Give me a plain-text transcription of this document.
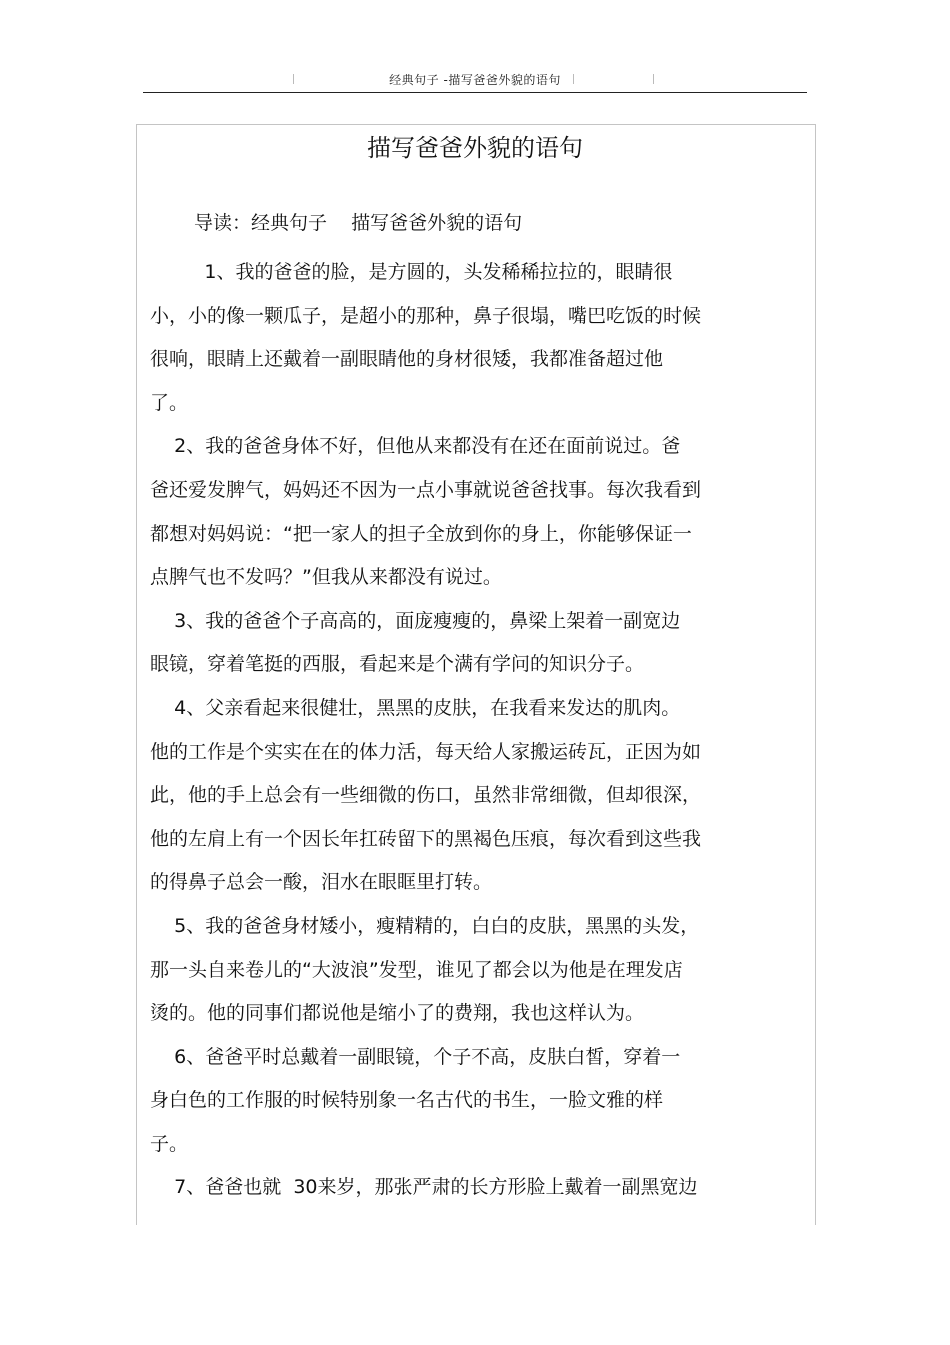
经典句子 -描写爸爸外貌的语句
描写爸爸外貌的语句
导读：经典句子    描写爸爸外貌的语句

1、我的爸爸的脸，是方圆的，头发稀稀拉拉的，眼睛很
小，小的像一颗瓜子，是超小的那种，鼻子很塌，嘴巴吃饭的时候
很响，眼睛上还戴着一副眼睛他的身材很矮，我都准备超过他
了。

2、我的爸爸身体不好，但他从来都没有在还在面前说过。爸
爸还爱发脾气，妈妈还不因为一点小事就说爸爸找事。每次我看到
都想对妈妈说：“把一家人的担子全放到你的身上，你能够保证一
点脾气也不发吗？”但我从来都没有说过。

3、我的爸爸个子高高的，面庞瘦瘦的，鼻梁上架着一副宽边
眼镜，穿着笔挺的西服，看起来是个满有学问的知识分子。

4、父亲看起来很健壮，黑黑的皮肤，在我看来发达的肌肉。
他的工作是个实实在在的体力活，每天给人家搬运砖瓦，正因为如
此，他的手上总会有一些细微的伤口，虽然非常细微，但却很深，
他的左肩上有一个因长年扛砖留下的黑褐色压痕，每次看到这些我
的得鼻子总会一酸，泪水在眼眶里打转。

5、我的爸爸身材矮小，瘦精精的，白白的皮肤，黑黑的头发，
那一头自来卷儿的“大波浪”发型，谁见了都会以为他是在理发店
烫的。他的同事们都说他是缩小了的费翔，我也这样认为。

6、爸爸平时总戴着一副眼镜，个子不高，皮肤白皙，穿着一
身白色的工作服的时候特别象一名古代的书生，一脸文雅的样
子。

7、爸爸也就  30来岁，那张严肃的长方形脸上戴着一副黑宽边
